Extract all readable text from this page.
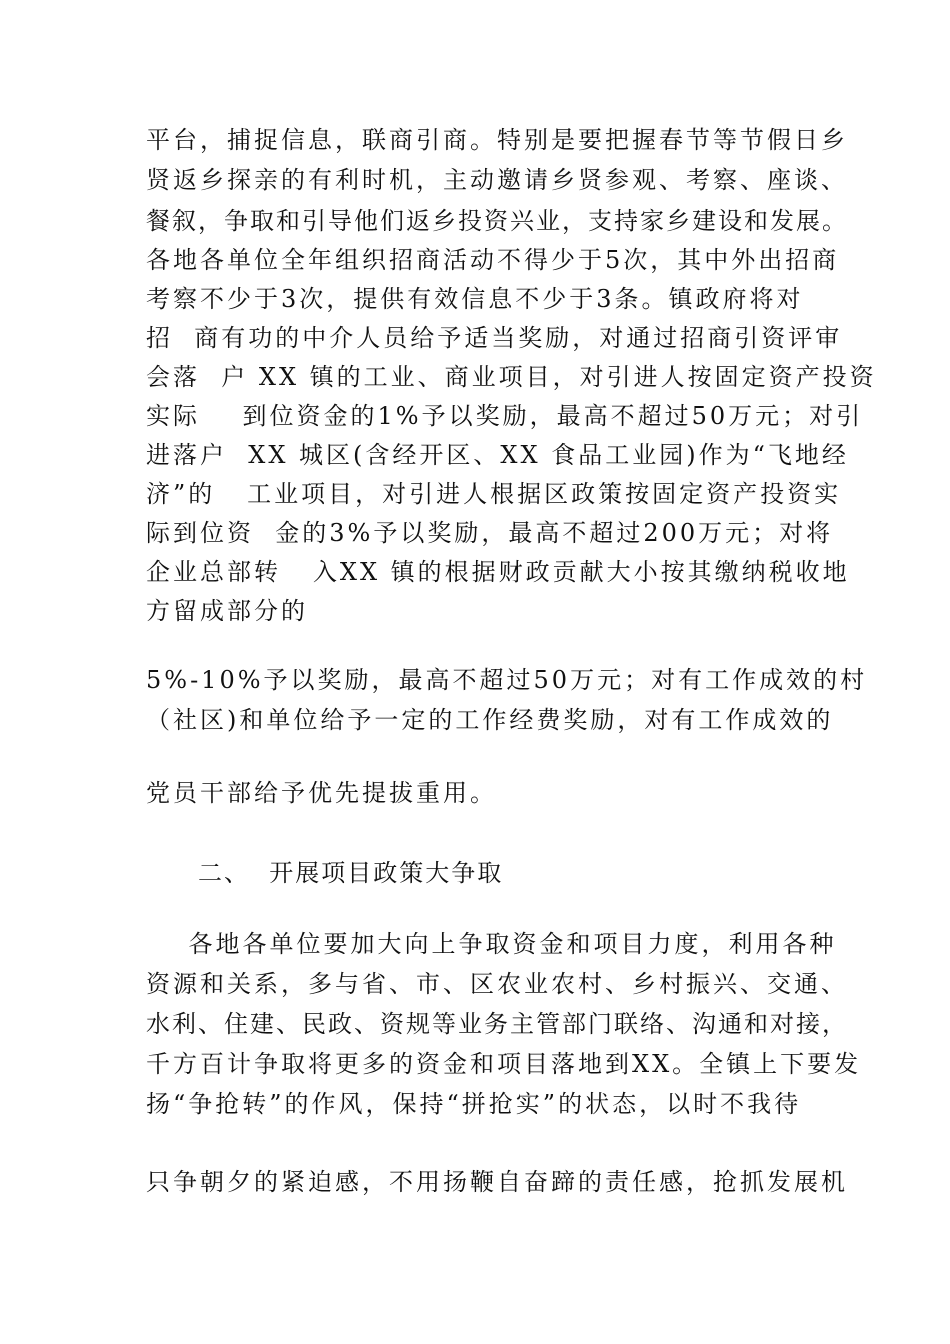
平台，捕捉信息，联商引商。特别是要把握春节等节假日乡
贤返乡探亲的有利时机，主动邀请乡贤参观、考察、座谈、
餐叙，争取和引导他们返乡投资兴业，支持家乡建设和发展。
各地各单位全年组织招商活动不得少于5次，其中外出招商
考察不少于3次，提供有效信息不少于3条。镇政府将对
招  商有功的中介人员给予适当奖励，对通过招商引资评审
会落  户 XX 镇的工业、商业项目，对引进人按固定资产投资
实际    到位资金的1%予以奖励，最高不超过50万元；对引
进落户  XX 城区(含经开区、XX 食品工业园)作为“飞地经
济”的   工业项目，对引进人根据区政策按固定资产投资实
际到位资  金的3%予以奖励，最高不超过200万元；对将
企业总部转   入XX 镇的根据财政贡献大小按其缴纳税收地
方留成部分的
5%-10%予以奖励，最高不超过50万元；对有工作成效的村
（社区)和单位给予一定的工作经费奖励，对有工作成效的
党员干部给予优先提拔重用。
二、  开展项目政策大争取
各地各单位要加大向上争取资金和项目力度，利用各种
资源和关系，多与省、市、区农业农村、乡村振兴、交通、
水利、住建、民政、资规等业务主管部门联络、沟通和对接，
千方百计争取将更多的资金和项目落地到XX。全镇上下要发
扬“争抢转”的作风，保持“拼抢实”的状态，以时不我待
只争朝夕的紧迫感，不用扬鞭自奋蹄的责任感，抢抓发展机
